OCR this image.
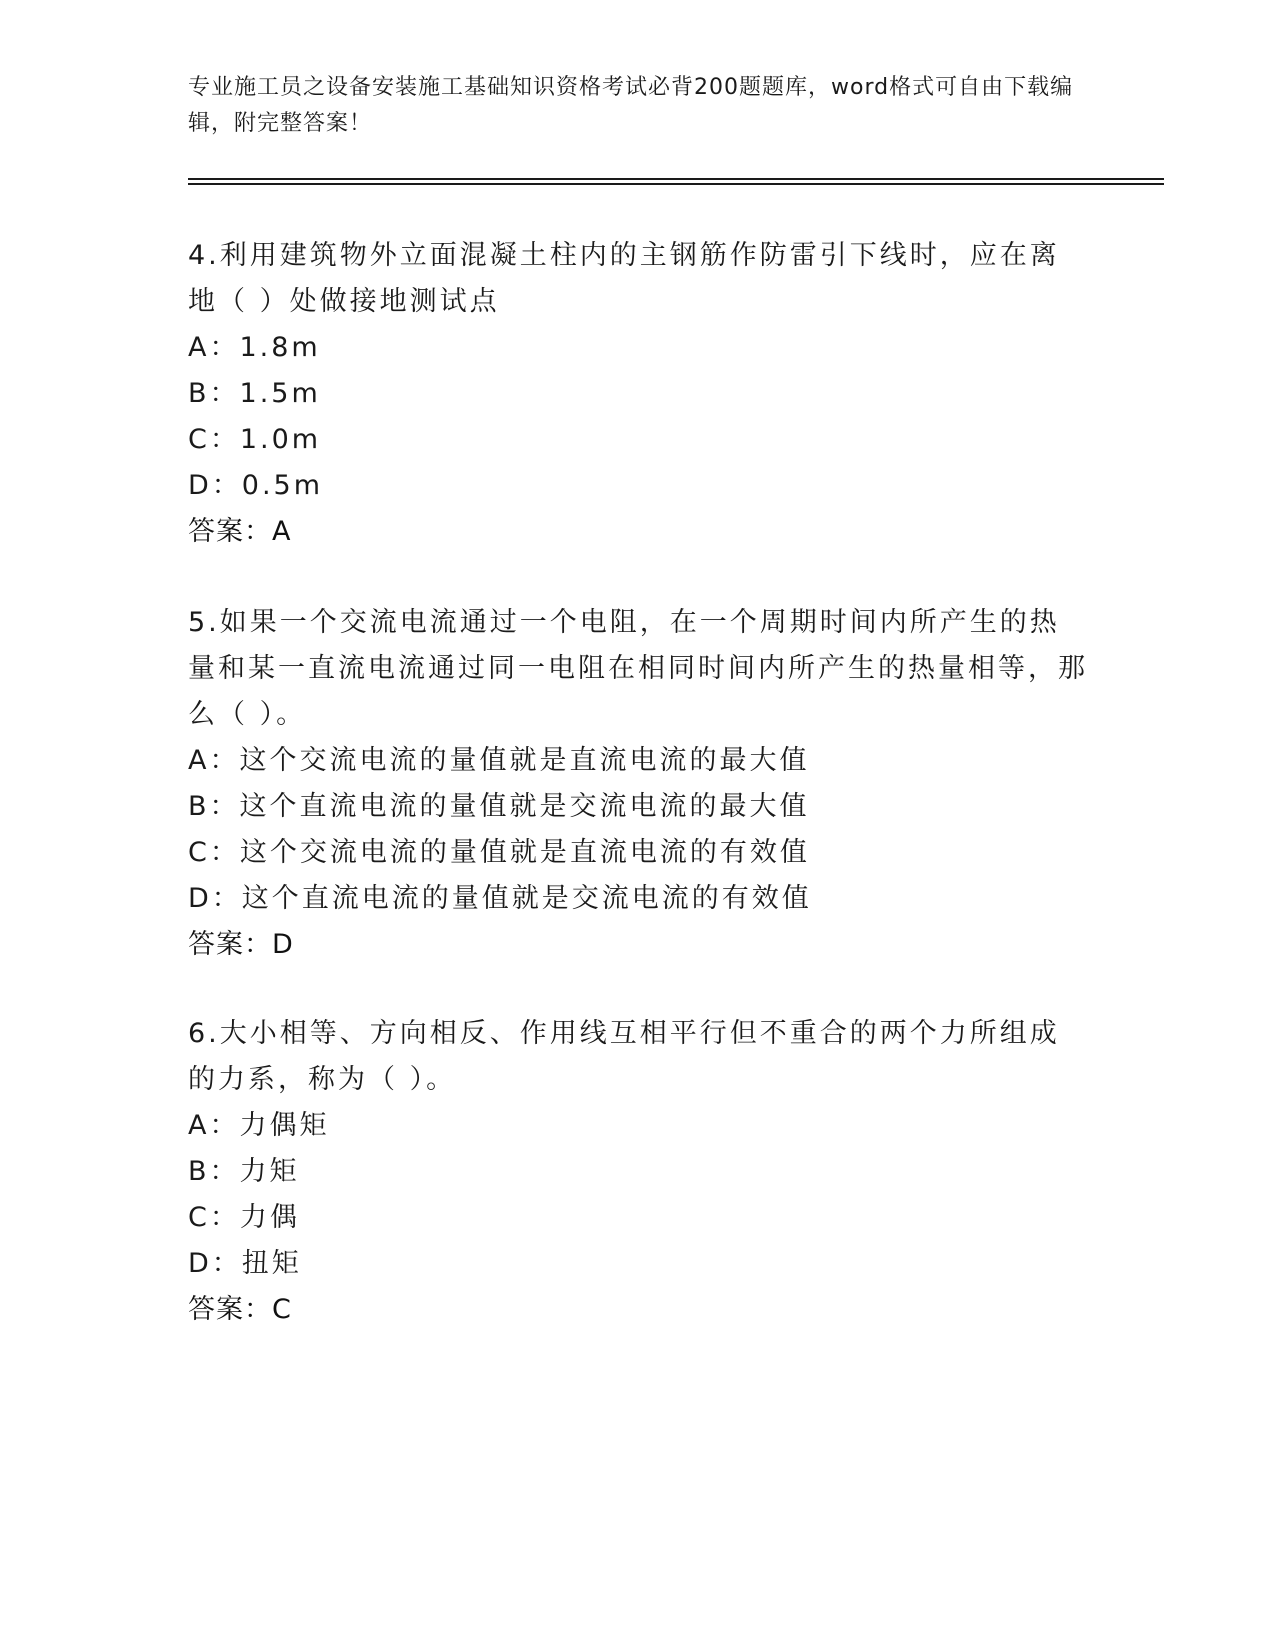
专业施工员之设备安装施工基础知识资格考试必背200题题库，word格式可自由下载编辑，附完整答案！
4.利用建筑物外立面混凝土柱内的主钢筋作防雷引下线时，应在离地（ ）处做接地测试点
A：1.8m
B：1.5m
C：1.0m
D：0.5m
答案：A
5.如果一个交流电流通过一个电阻，在一个周期时间内所产生的热量和某一直流电流通过同一电阻在相同时间内所产生的热量相等，那么（ ）。
A：这个交流电流的量值就是直流电流的最大值
B：这个直流电流的量值就是交流电流的最大值
C：这个交流电流的量值就是直流电流的有效值
D：这个直流电流的量值就是交流电流的有效值
答案：D
6.大小相等、方向相反、作用线互相平行但不重合的两个力所组成的力系，称为（ ）。
A：力偶矩
B：力矩
C：力偶
D：扭矩
答案：C
